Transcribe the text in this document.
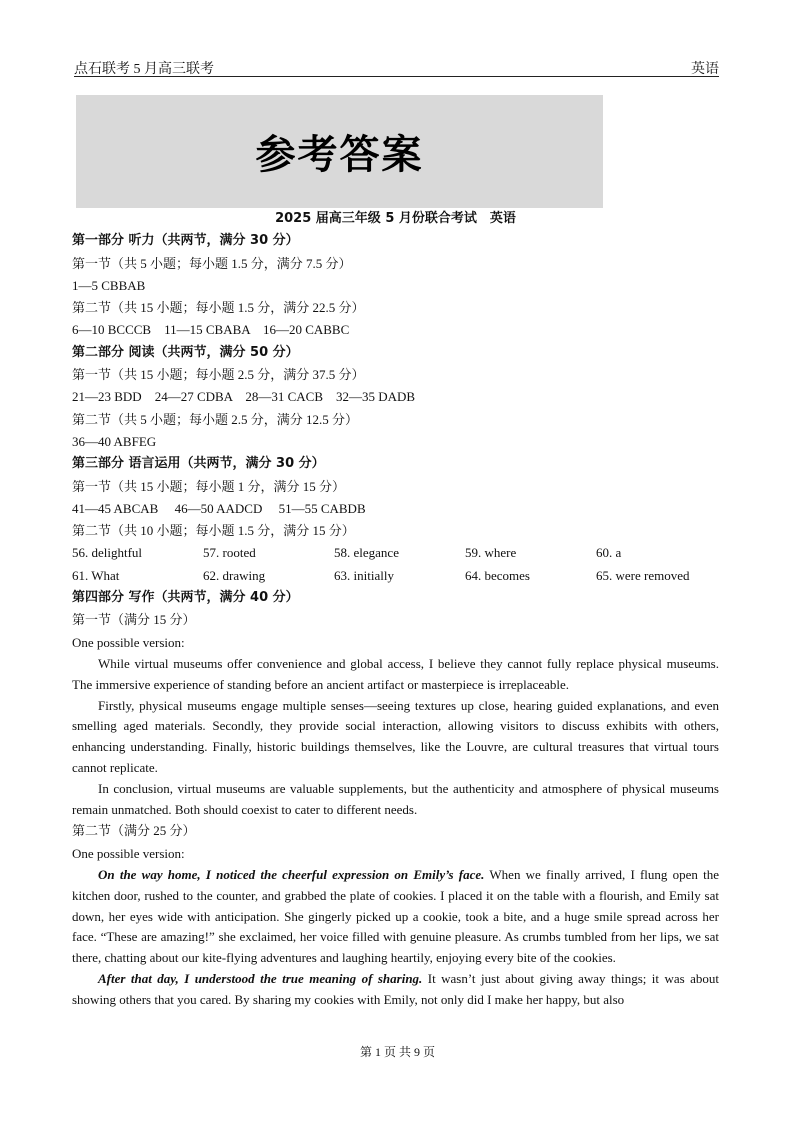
点石联考 5 月高三联考	英语
参考答案
2025 届高三年级 5 月份联合考试　英语
第一部分 听力（共两节，满分 30 分）
第一节（共 5 小题；每小题 1.5 分，满分 7.5 分）
1—5 CBBAB
第二节（共 15 小题；每小题 1.5 分，满分 22.5 分）
6—10 BCCCB　11—15 CBABA　16—20 CABBC
第二部分 阅读（共两节，满分 50 分）
第一节（共 15 小题；每小题 2.5 分，满分 37.5 分）
21—23 BDD　24—27 CDBA　28—31 CACB　32—35 DADB
第二节（共 5 小题；每小题 2.5 分，满分 12.5 分）
36—40 ABFEG
第三部分 语言运用（共两节，满分 30 分）
第一节（共 15 小题；每小题 1 分，满分 15 分）
41—45 ABCAB　 46—50 AADCD　 51—55 CABDB
第二节（共 10 小题；每小题 1.5 分，满分 15 分）
56. delightful	57. rooted	58. elegance	59. where	60. a
61. What	62. drawing	63. initially	64. becomes	65. were removed
第四部分 写作（共两节，满分 40 分）
第一节（满分 15 分）
One possible version:
While virtual museums offer convenience and global access, I believe they cannot fully replace physical museums. The immersive experience of standing before an ancient artifact or masterpiece is irreplaceable.
Firstly, physical museums engage multiple senses—seeing textures up close, hearing guided explanations, and even smelling aged materials. Secondly, they provide social interaction, allowing visitors to discuss exhibits with others, enhancing understanding. Finally, historic buildings themselves, like the Louvre, are cultural treasures that virtual tours cannot replicate.
In conclusion, virtual museums are valuable supplements, but the authenticity and atmosphere of physical museums remain unmatched. Both should coexist to cater to different needs.
第二节（满分 25 分）
One possible version:
On the way home, I noticed the cheerful expression on Emily’s face. When we finally arrived, I flung open the kitchen door, rushed to the counter, and grabbed the plate of cookies. I placed it on the table with a flourish, and Emily sat down, her eyes wide with anticipation. She gingerly picked up a cookie, took a bite, and a huge smile spread across her face. “These are amazing!” she exclaimed, her voice filled with genuine pleasure. As crumbs tumbled from her lips, we sat there, chatting about our kite-flying adventures and laughing heartily, enjoying every bite of the cookies.
After that day, I understood the true meaning of sharing. It wasn’t just about giving away things; it was about showing others that you cared. By sharing my cookies with Emily, not only did I make her happy, but also
第 1 页 共 9 页
